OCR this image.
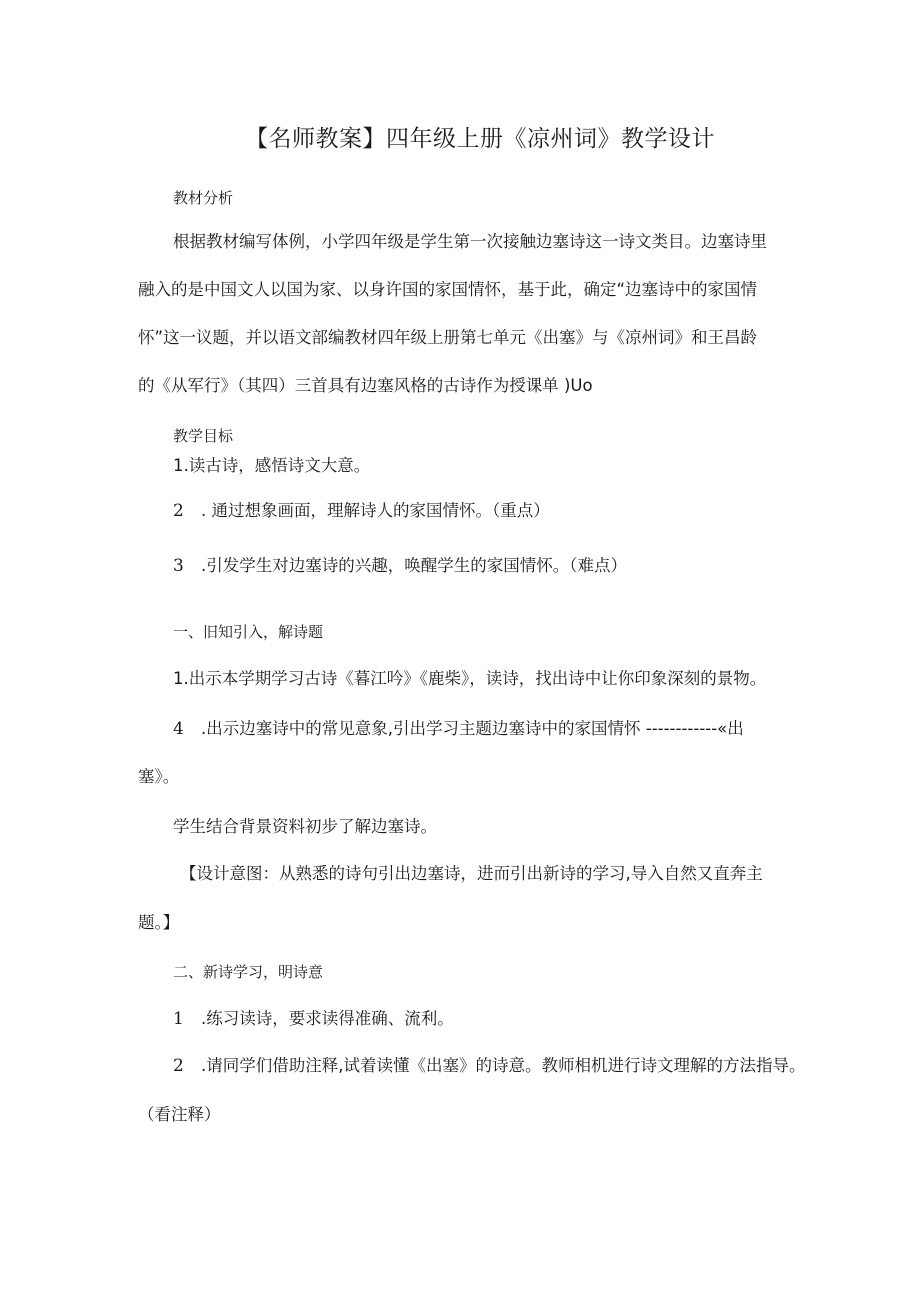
【名师教案】四年级上册《凉州词》教学设计

教材分析

根据教材编写体例，小学四年级是学生第一次接触边塞诗这一诗文类目。边塞诗里

融入的是中国文人以国为家、以身许国的家国情怀，基于此，确定“边塞诗中的家国情

怀”这一议题，并以语文部编教材四年级上册第七单元《出塞》与《凉州词》和王昌龄

的《从军行》（其四）三首具有边塞风格的古诗作为授课单 )Uo

教学目标

1.读古诗，感悟诗文大意。

2 . 通过想象画面，理解诗人的家国情怀。（重点）

3 .引发学生对边塞诗的兴趣，唤醒学生的家国情怀。（难点）

一、旧知引入，解诗题

1.出示本学期学习古诗《暮江吟》《鹿柴》，读诗，找出诗中让你印象深刻的景物。

4 .出示边塞诗中的常见意象,引出学习主题边塞诗中的家国情怀 ------------«出

塞》。

学生结合背景资料初步了解边塞诗。

【设计意图：从熟悉的诗句引出边塞诗，进而引出新诗的学习,导入自然又直奔主

题。】

二、新诗学习，明诗意

1 .练习读诗，要求读得准确、流利。

2 .请同学们借助注释,试着读懂《出塞》的诗意。教师相机进行诗文理解的方法指导。

（看注释）
